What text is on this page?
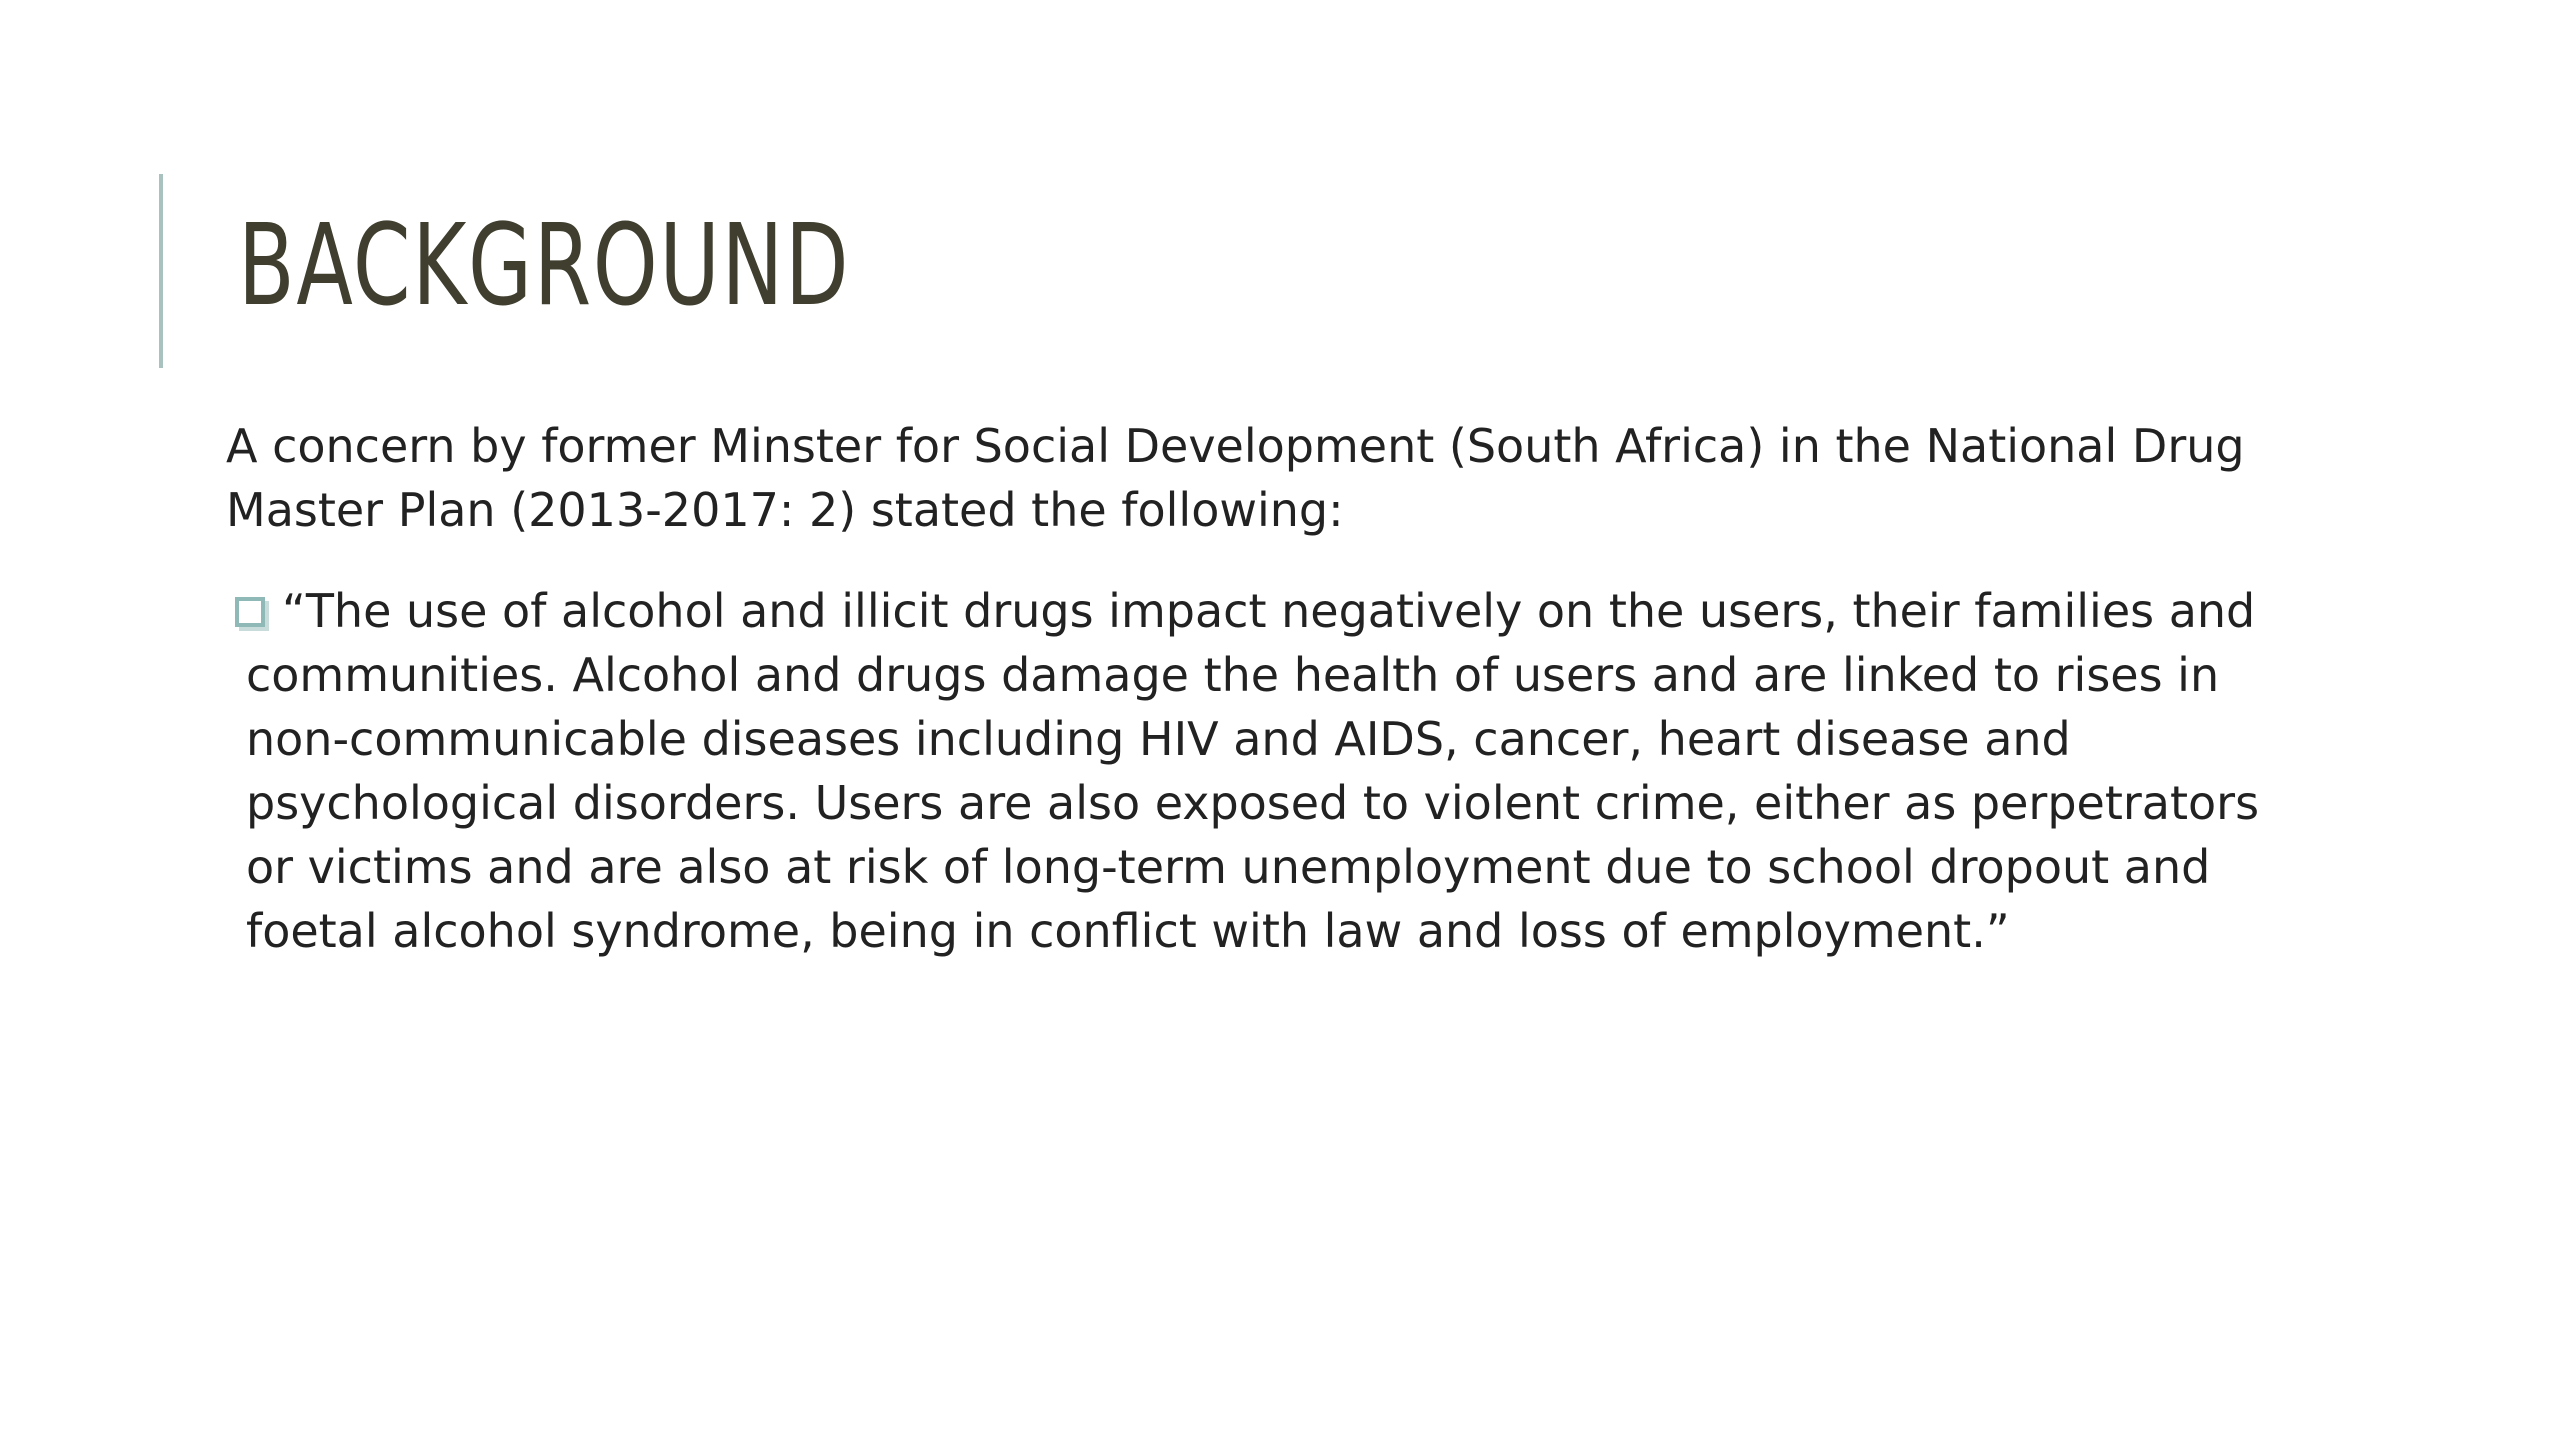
BACKGROUND

A concern by former Minster for Social Development (South Africa) in the National Drug Master Plan (2013-2017: 2) stated the following:

“The use of alcohol and illicit drugs impact negatively on the users, their families and communities. Alcohol and drugs damage the health of users and are linked to rises in non-communicable diseases including HIV and AIDS, cancer, heart disease and psychological disorders. Users are also exposed to violent crime, either as perpetrators or victims and are also at risk of long-term unemployment due to school dropout and foetal alcohol syndrome, being in conflict with law and loss of employment.”
